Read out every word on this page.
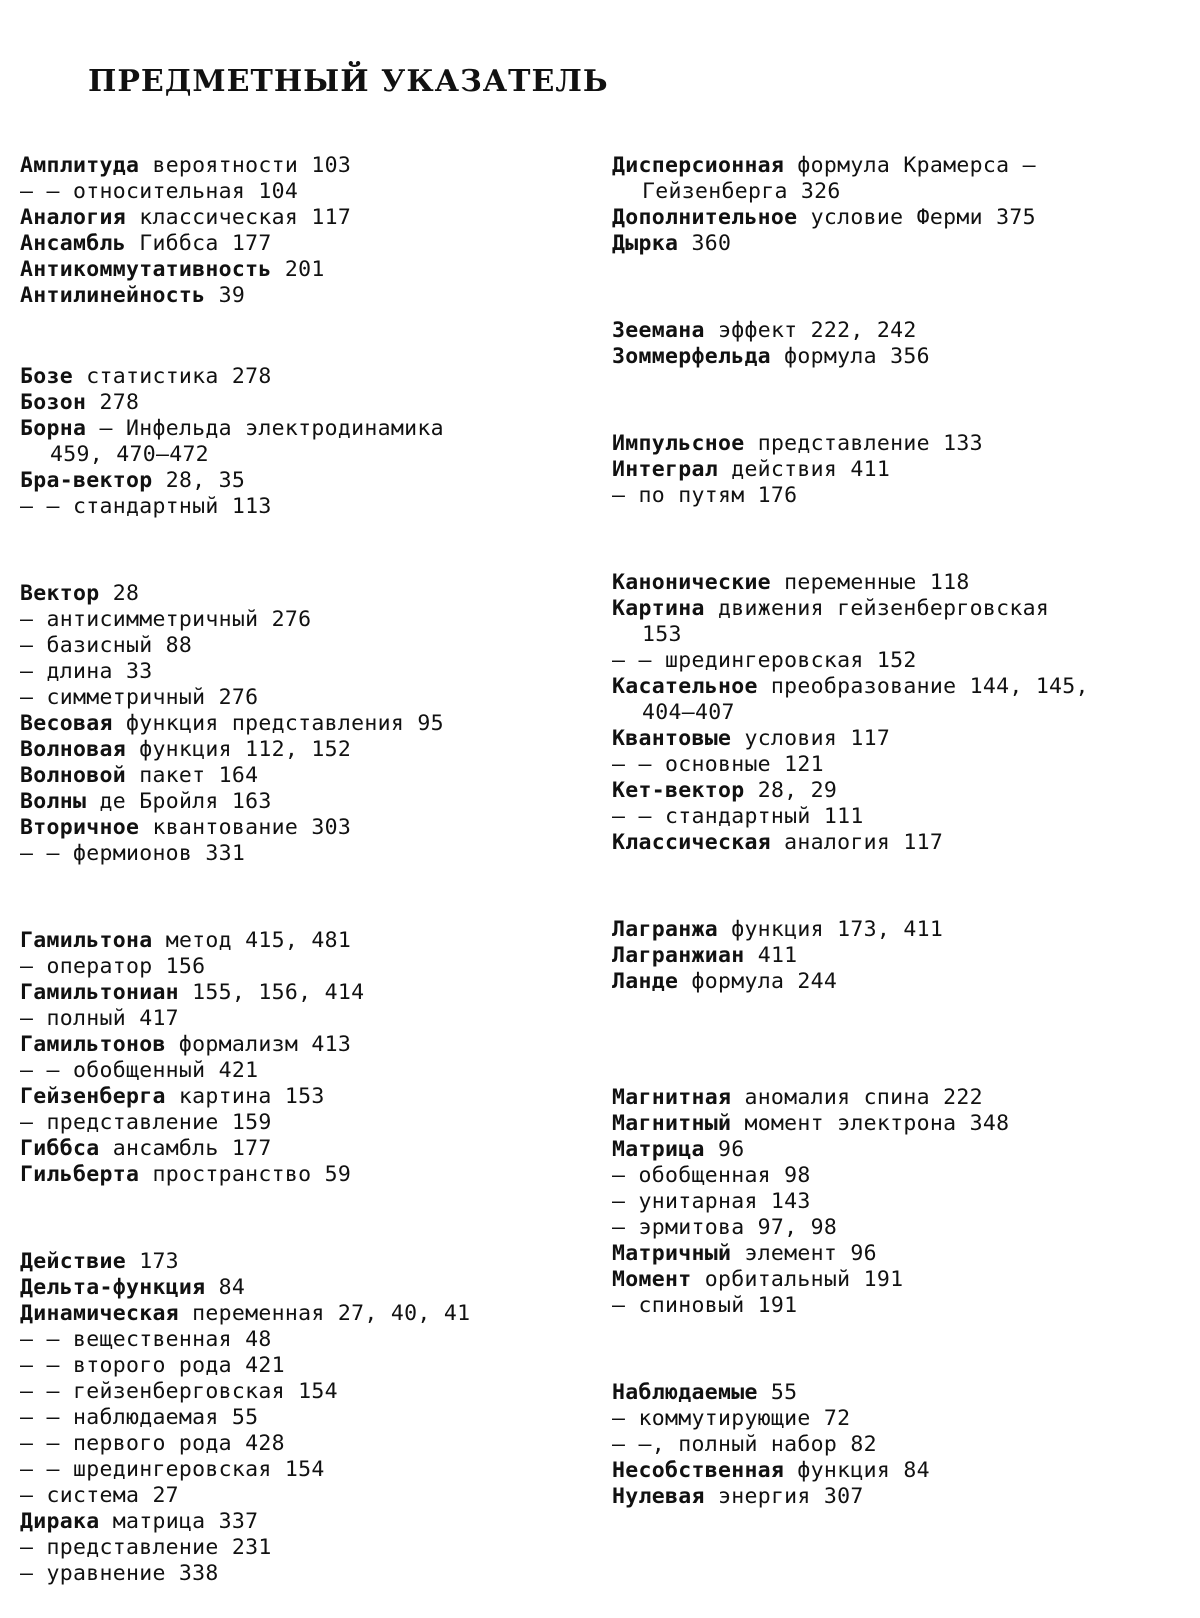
ПРЕДМЕТНЫЙ УКАЗАТЕЛЬ
Амплитуда вероятности 103
— — относительная 104
Аналогия классическая 117
Ансамбль Гиббса 177
Антикоммутативность 201
Антилинейность 39
Бозе статистика 278
Бозон 278
Борна — Инфельда электродинамика
459, 470—472
Бра-вектор 28, 35
— — стандартный 113
Вектор 28
— антисимметричный 276
— базисный 88
— длина 33
— симметричный 276
Весовая функция представления 95
Волновая функция 112, 152
Волновой пакет 164
Волны де Бройля 163
Вторичное квантование 303
— — фермионов 331
Гамильтона метод 415, 481
— оператор 156
Гамильтониан 155, 156, 414
— полный 417
Гамильтонов формализм 413
— — обобщенный 421
Гейзенберга картина 153
— представление 159
Гиббса ансамбль 177
Гильберта пространство 59
Действие 173
Дельта-функция 84
Динамическая переменная 27, 40, 41
— — вещественная 48
— — второго рода 421
— — гейзенберговская 154
— — наблюдаемая 55
— — первого рода 428
— — шредингеровская 154
— система 27
Дирака матрица 337
— представление 231
— уравнение 338
Дисперсионная формула Крамерса —
Гейзенберга 326
Дополнительное условие Ферми 375
Дырка 360
Зеемана эффект 222, 242
Зоммерфельда формула 356
Импульсное представление 133
Интеграл действия 411
— по путям 176
Канонические переменные 118
Картина движения гейзенберговская
153
— — шредингеровская 152
Касательное преобразование 144, 145,
404—407
Квантовые условия 117
— — основные 121
Кет-вектор 28, 29
— — стандартный 111
Классическая аналогия 117
Лагранжа функция 173, 411
Лагранжиан 411
Ланде формула 244
Магнитная аномалия спина 222
Магнитный момент электрона 348
Матрица 96
— обобщенная 98
— унитарная 143
— эрмитова 97, 98
Матричный элемент 96
Момент орбитальный 191
— спиновый 191
Наблюдаемые 55
— коммутирующие 72
— —, полный набор 82
Несобственная функция 84
Нулевая энергия 307
